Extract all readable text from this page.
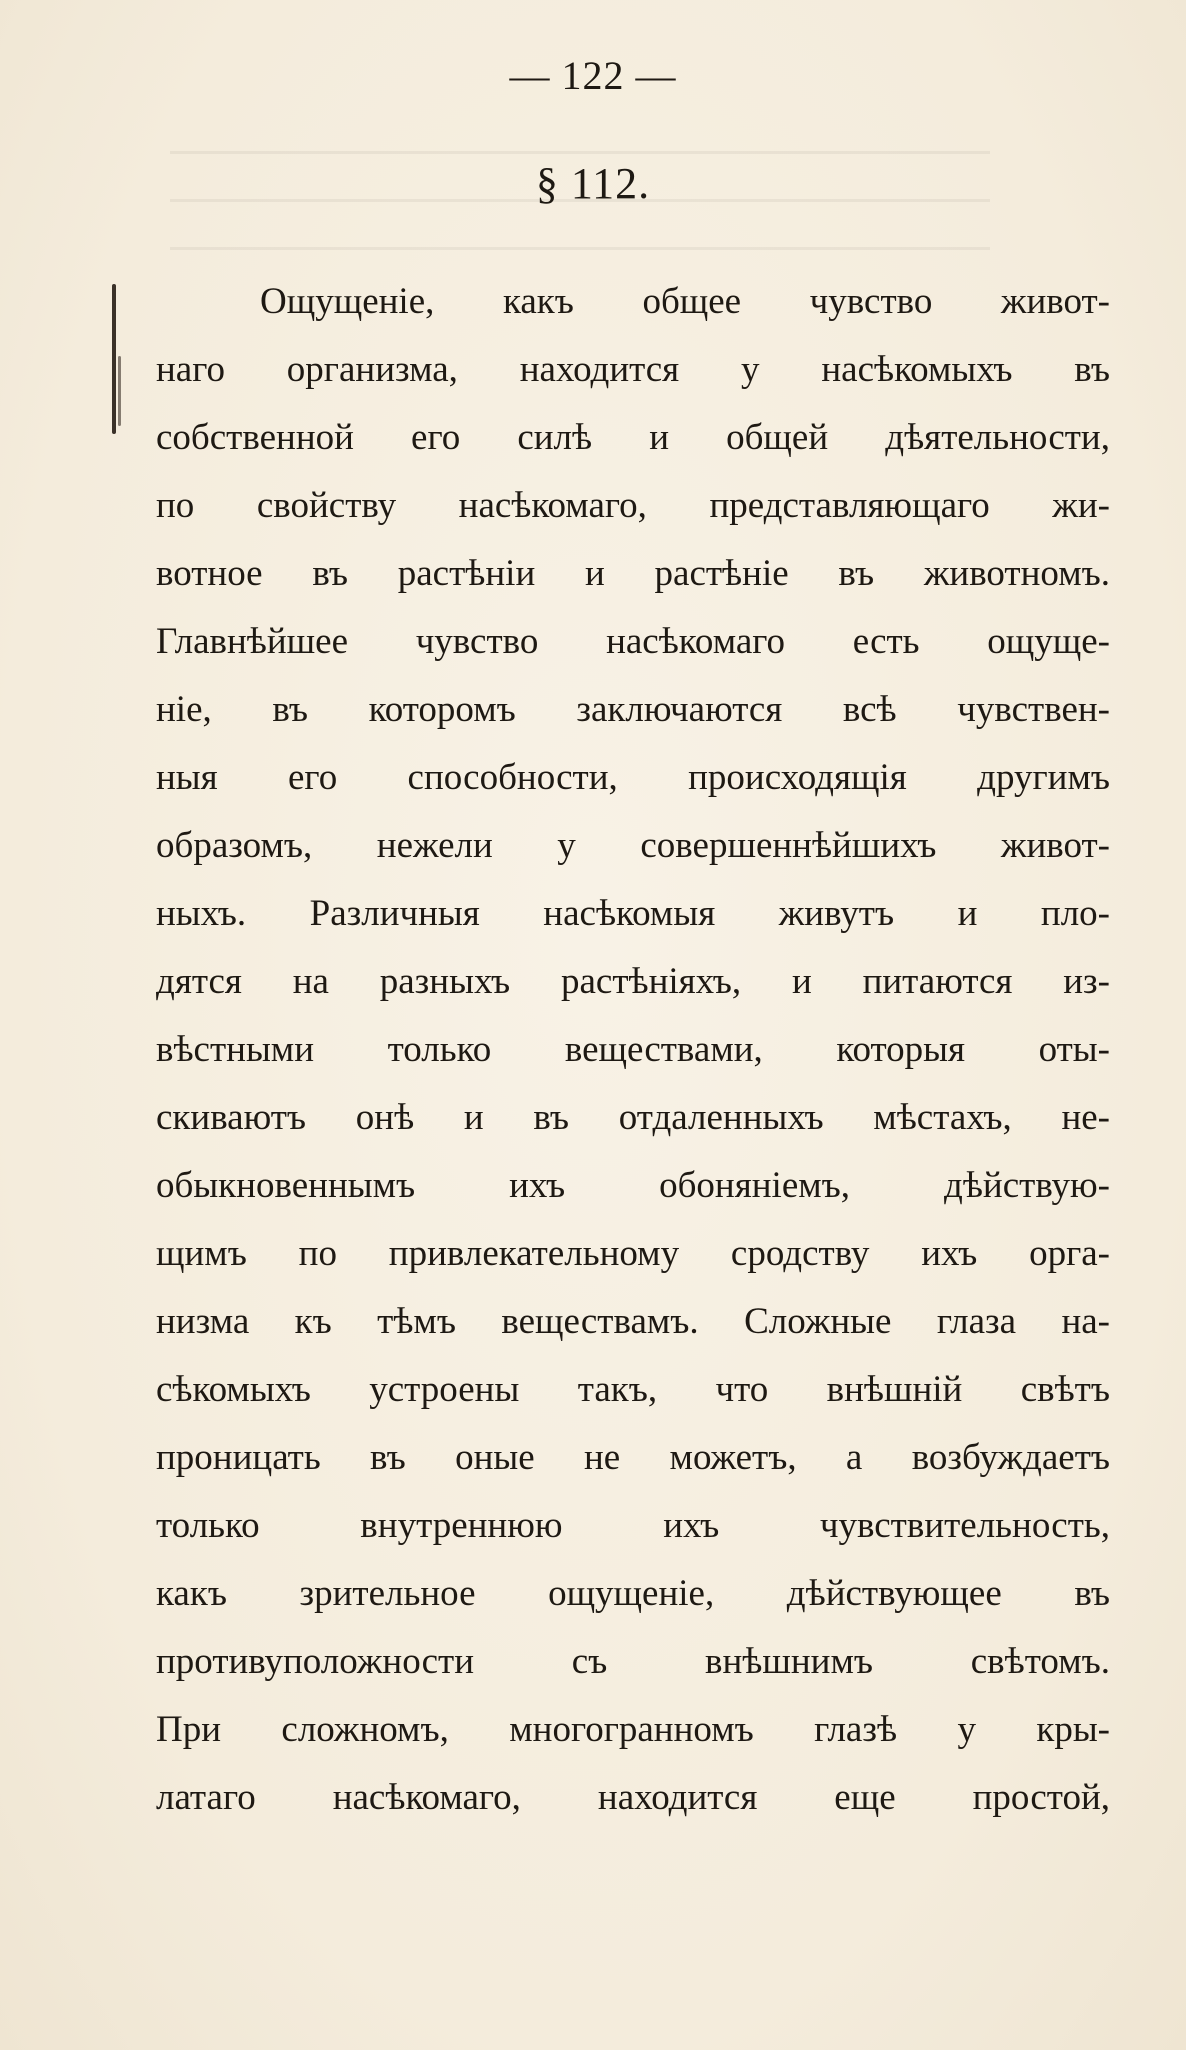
— 122 —
§ 112.
Ощущеніе, какъ общее чувство живот-
наго организма, находится у насѣкомыхъ въ
собственной его силѣ и общей дѣятельности,
по свойству насѣкомаго, представляющаго жи-
вотное въ растѣніи и растѣніе въ животномъ.
Главнѣйшее чувство насѣкомаго есть ощуще-
ніе, въ которомъ заключаются всѣ чувствен-
ныя его способности, происходящія другимъ
образомъ, нежели у совершеннѣйшихъ живот-
ныхъ. Различныя насѣкомыя живутъ и пло-
дятся на разныхъ растѣніяхъ, и питаются из-
вѣстными только веществами, которыя оты-
скиваютъ онѣ и въ отдаленныхъ мѣстахъ, не-
обыкновеннымъ ихъ обоняніемъ, дѣйствую-
щимъ по привлекательному сродству ихъ орга-
низма къ тѣмъ веществамъ. Сложные глаза на-
сѣкомыхъ устроены такъ, что внѣшній свѣтъ
проницать въ оные не можетъ, а возбуждаетъ
только внутреннюю ихъ чувствительность,
какъ зрительное ощущеніе, дѣйствующее въ
противуположности съ внѣшнимъ свѣтомъ.
При сложномъ, многогранномъ глазѣ у кры-
латаго насѣкомаго, находится еще простой,
